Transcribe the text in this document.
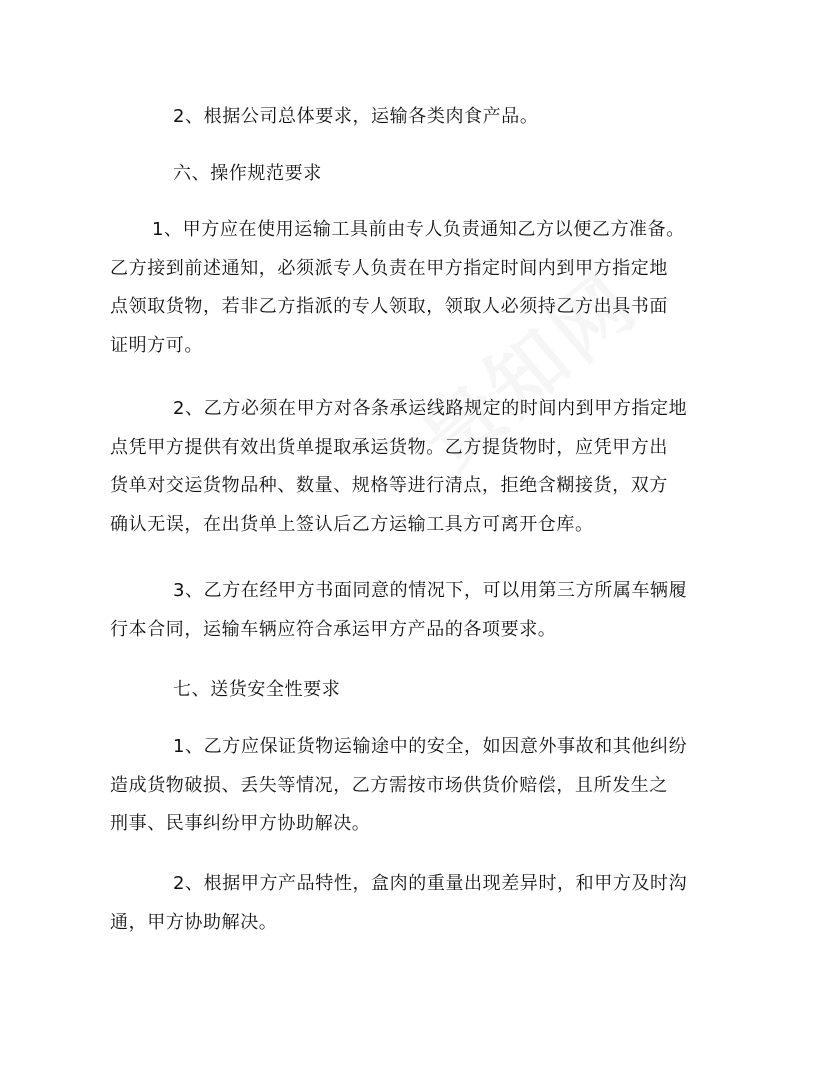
2、根据公司总体要求，运输各类肉食产品。
六、操作规范要求
1、甲方应在使用运输工具前由专人负责通知乙方以便乙方准备。
乙方接到前述通知，必须派专人负责在甲方指定时间内到甲方指定地
点领取货物，若非乙方指派的专人领取，领取人必须持乙方出具书面
证明方可。
2、乙方必须在甲方对各条承运线路规定的时间内到甲方指定地
点凭甲方提供有效出货单提取承运货物。乙方提货物时，应凭甲方出
货单对交运货物品种、数量、规格等进行清点，拒绝含糊接货，双方
确认无误，在出货单上签认后乙方运输工具方可离开仓库。
3、乙方在经甲方书面同意的情况下，可以用第三方所属车辆履
行本合同，运输车辆应符合承运甲方产品的各项要求。
七、送货安全性要求
1、乙方应保证货物运输途中的安全，如因意外事故和其他纠纷
造成货物破损、丢失等情况，乙方需按市场供货价赔偿，且所发生之
刑事、民事纠纷甲方协助解决。
2、根据甲方产品特性，盒肉的重量出现差异时，和甲方及时沟
通，甲方协助解决。
